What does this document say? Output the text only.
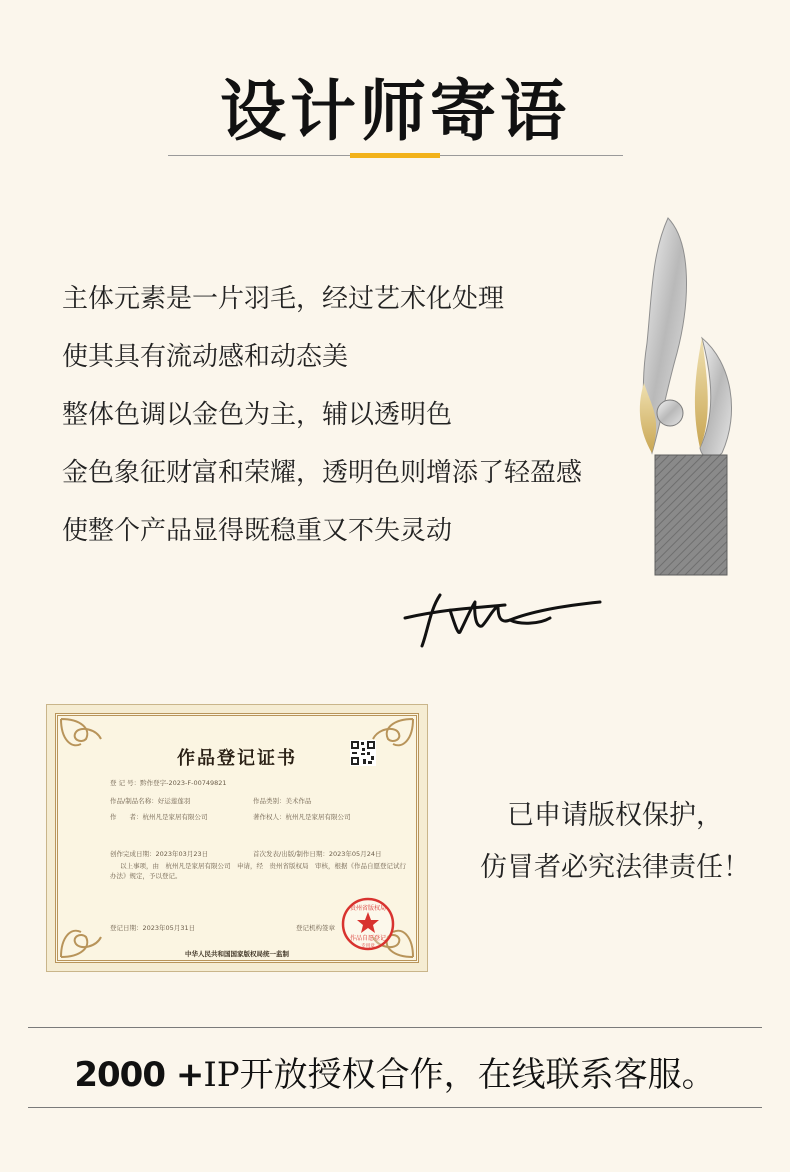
设计师寄语
主体元素是一片羽毛，经过艺术化处理
使其具有流动感和动态美
整体色调以金色为主，辅以透明色
金色象征财富和荣耀，透明色则增添了轻盈感
使整个产品显得既稳重又不失灵动
作品登记证书
登 记 号：黔作登字-2023-F-00749821
作品/制品名称：好运莲莲羽	作品类别：美术作品
作　　者：杭州凡是家居有限公司	著作权人：杭州凡是家居有限公司
创作完成日期：2023年03月23日	首次发表/出版/制作日期：2023年05月24日
以上事项，由　杭州凡是家居有限公司　申请，经　贵州省版权局　审核，根据《作品自愿登记试行
办法》规定，予以登记。
登记日期：2023年05月31日	登记机构签章
中华人民共和国国家版权局统一监制
贵州省版权局
作品自愿登记
专用章
已申请版权保护，
仿冒者必究法律责任！
2000 +IP开放授权合作，在线联系客服。
